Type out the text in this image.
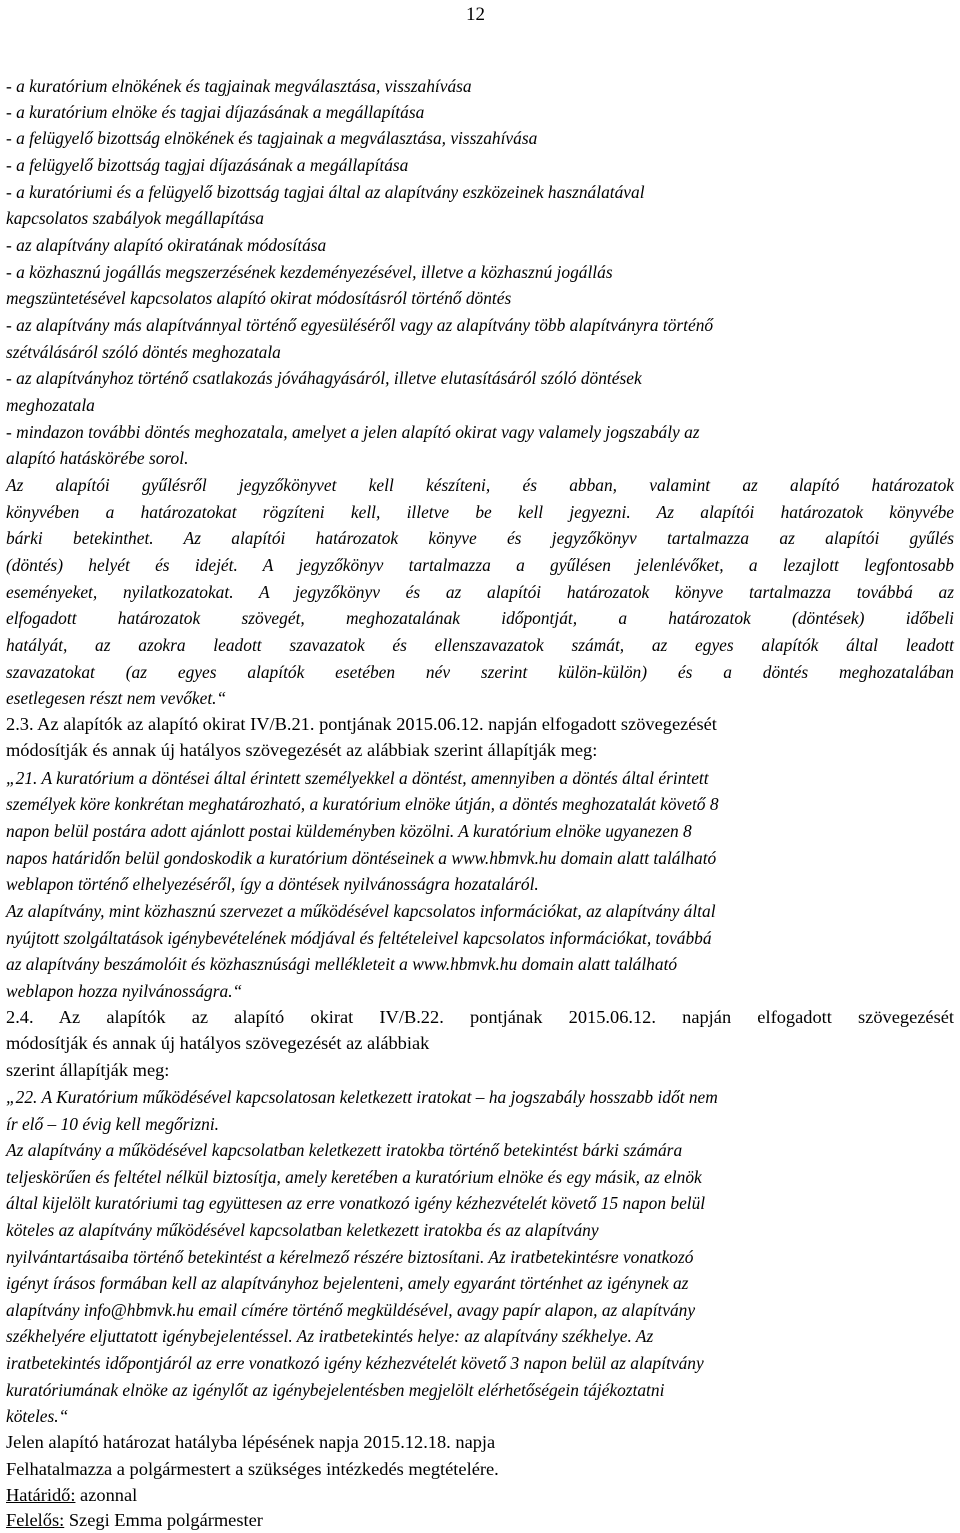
12
- a kuratórium elnökének és tagjainak megválasztása, visszahívása
- a kuratórium elnöke és tagjai díjazásának a megállapítása
- a felügyelő bizottság elnökének és tagjainak a megválasztása, visszahívása
- a felügyelő bizottság tagjai díjazásának a megállapítása
- a kuratóriumi és a felügyelő bizottság tagjai által az alapítvány eszközeinek használatával
kapcsolatos szabályok megállapítása
- az alapítvány alapító okiratának módosítása
- a közhasznú jogállás megszerzésének kezdeményezésével, illetve a közhasznú jogállás
megszüntetésével kapcsolatos alapító okirat módosításról történő döntés
- az alapítvány más alapítvánnyal történő egyesüléséről vagy az alapítvány több alapítványra történő
szétválásáról szóló döntés meghozatala
- az alapítványhoz történő csatlakozás jóváhagyásáról, illetve elutasításáról szóló döntések
meghozatala
- mindazon további döntés meghozatala, amelyet a jelen alapító okirat vagy valamely jogszabály az
alapító hatáskörébe sorol.
Az alapítói gyűlésről jegyzőkönyvet kell készíteni, és abban, valamint az alapító határozatok
könyvében a határozatokat rögzíteni kell, illetve be kell jegyezni. Az alapítói határozatok könyvébe
bárki betekinthet. Az alapítói határozatok könyve és jegyzőkönyv tartalmazza az alapítói gyűlés
(döntés) helyét és idejét. A jegyzőkönyv tartalmazza a gyűlésen jelenlévőket, a lezajlott legfontosabb
eseményeket, nyilatkozatokat. A jegyzőkönyv és az alapítói határozatok könyve tartalmazza továbbá az
elfogadott határozatok szövegét, meghozatalának időpontját, a határozatok (döntések) időbeli
hatályát, az azokra leadott szavazatok és ellenszavazatok számát, az egyes alapítók által leadott
szavazatokat (az egyes alapítók esetében név szerint külön-külön) és a döntés meghozatalában
esetlegesen részt nem vevőket.“
2.3. Az alapítók az alapító okirat IV/B.21. pontjának 2015.06.12. napján elfogadott szövegezését
módosítják és annak új hatályos szövegezését az alábbiak szerint állapítják meg:
„21. A kuratórium a döntései által érintett személyekkel a döntést, amennyiben a döntés által érintett
személyek köre konkrétan meghatározható, a kuratórium elnöke útján, a döntés meghozatalát követő 8
napon belül postára adott ajánlott postai küldeményben közölni. A kuratórium elnöke ugyanezen 8
napos határidőn belül gondoskodik a kuratórium döntéseinek a www.hbmvk.hu domain alatt található
weblapon történő elhelyezéséről, így a döntések nyilvánosságra hozataláról.
Az alapítvány, mint közhasznú szervezet a működésével kapcsolatos információkat, az alapítvány által
nyújtott szolgáltatások igénybevételének módjával és feltételeivel kapcsolatos információkat, továbbá
az alapítvány beszámolóit és közhasznúsági mellékleteit a www.hbmvk.hu domain alatt található
weblapon hozza nyilvánosságra.“
2.4. Az alapítók az alapító okirat IV/B.22. pontjának 2015.06.12. napján elfogadott szövegezését
módosítják és annak új hatályos szövegezését az alábbiak
szerint állapítják meg:
„22. A Kuratórium működésével kapcsolatosan keletkezett iratokat – ha jogszabály hosszabb időt nem
ír elő – 10 évig kell megőrizni.
Az alapítvány a működésével kapcsolatban keletkezett iratokba történő betekintést bárki számára
teljeskörűen és feltétel nélkül biztosítja, amely keretében a kuratórium elnöke és egy másik, az elnök
által kijelölt kuratóriumi tag együttesen az erre vonatkozó igény kézhezvételét követő 15 napon belül
köteles az alapítvány működésével kapcsolatban keletkezett iratokba és az alapítvány
nyilvántartásaiba történő betekintést a kérelmező részére biztosítani. Az iratbetekintésre vonatkozó
igényt írásos formában kell az alapítványhoz bejelenteni, amely egyaránt történhet az igénynek az
alapítvány info@hbmvk.hu email címére történő megküldésével, avagy papír alapon, az alapítvány
székhelyére eljuttatott igénybejelentéssel. Az iratbetekintés helye: az alapítvány székhelye. Az
iratbetekintés időpontjáról az erre vonatkozó igény kézhezvételét követő 3 napon belül az alapítvány
kuratóriumának elnöke az igénylőt az igénybejelentésben megjelölt elérhetőségein tájékoztatni
köteles.“
Jelen alapító határozat hatályba lépésének napja 2015.12.18. napja
Felhatalmazza a polgármestert a szükséges intézkedés megtételére.
Határidő: azonnal
Felelős: Szegi Emma polgármester
